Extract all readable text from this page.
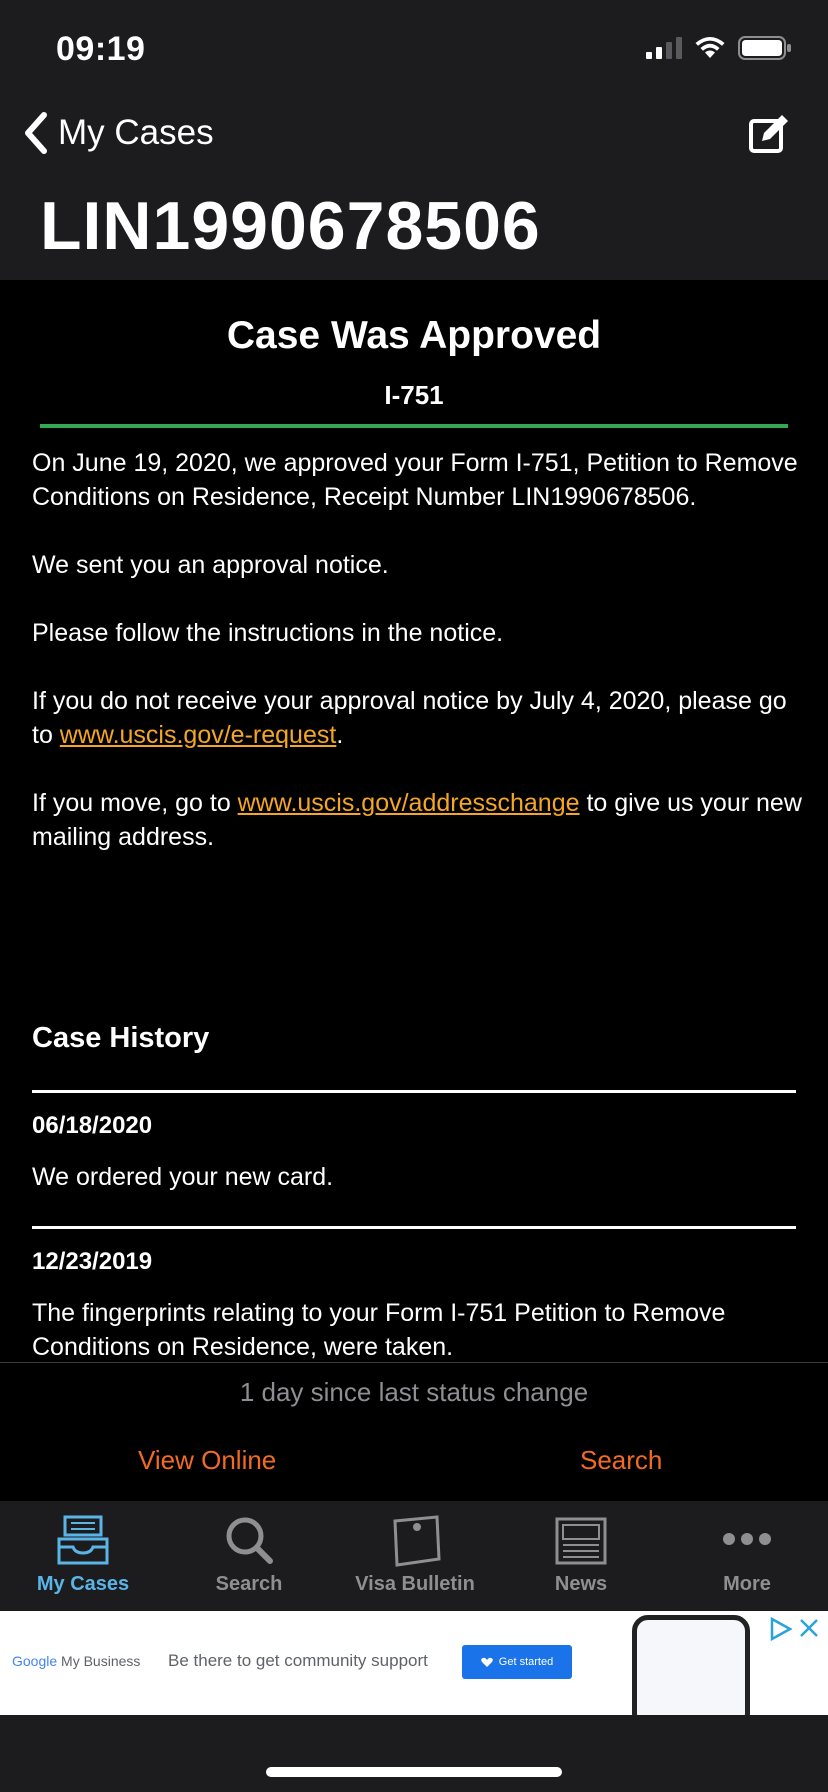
09:19
My Cases
LIN1990678506
Case Was Approved
I-751

On June 19, 2020, we approved your Form I-751, Petition to Remove Conditions on Residence, Receipt Number LIN1990678506.

We sent you an approval notice.

Please follow the instructions in the notice.

If you do not receive your approval notice by July 4, 2020, please go to www.uscis.gov/e-request.

If you move, go to www.uscis.gov/addresschange to give us your new mailing address.

Case History
06/18/2020
We ordered your new card.
12/23/2019
The fingerprints relating to your Form I-751 Petition to Remove Conditions on Residence, were taken.
1 day since last status change
View Online	Search
My Cases	Search	Visa Bulletin	News	More
Google My Business Be there to get community support	Get started
